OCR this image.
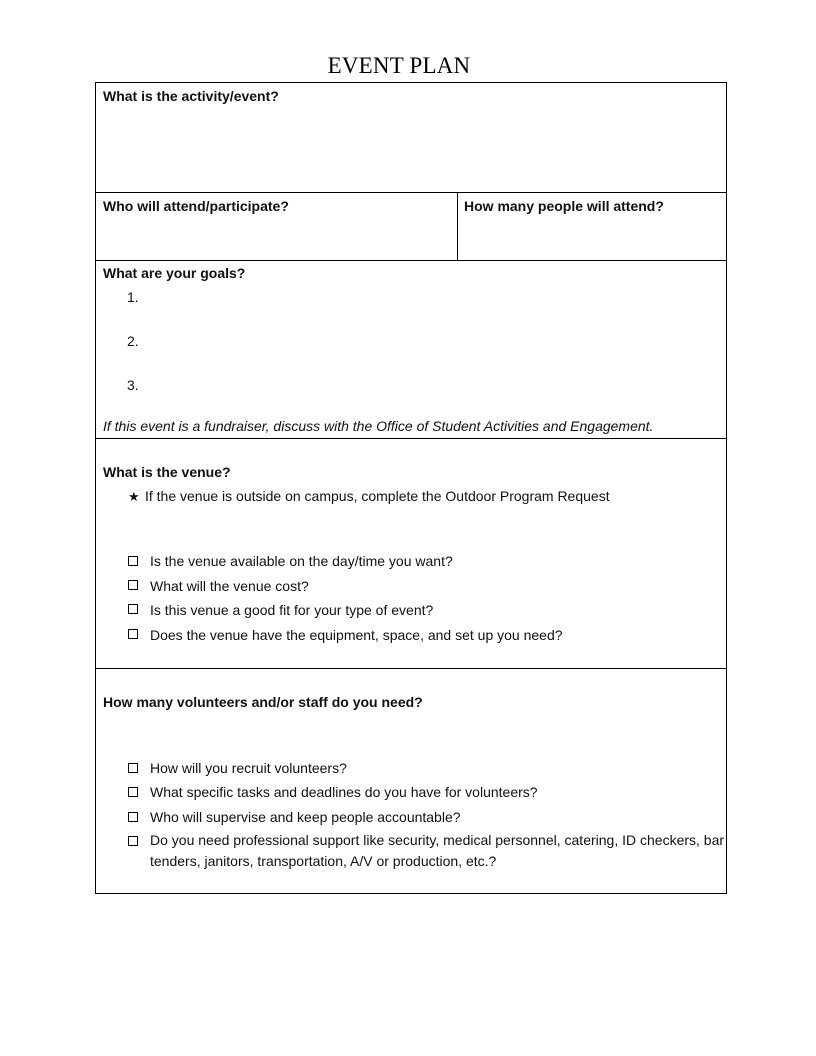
EVENT PLAN
What is the activity/event?
Who will attend/participate?	How many people will attend?
What are your goals?
1.
2.
3.
If this event is a fundraiser, discuss with the Office of Student Activities and Engagement.
What is the venue?
★ If the venue is outside on campus, complete the Outdoor Program Request
Is the venue available on the day/time you want?
What will the venue cost?
Is this venue a good fit for your type of event?
Does the venue have the equipment, space, and set up you need?
How many volunteers and/or staff do you need?
How will you recruit volunteers?
What specific tasks and deadlines do you have for volunteers?
Who will supervise and keep people accountable?
Do you need professional support like security, medical personnel, catering, ID checkers, bar tenders, janitors, transportation, A/V or production, etc.?
